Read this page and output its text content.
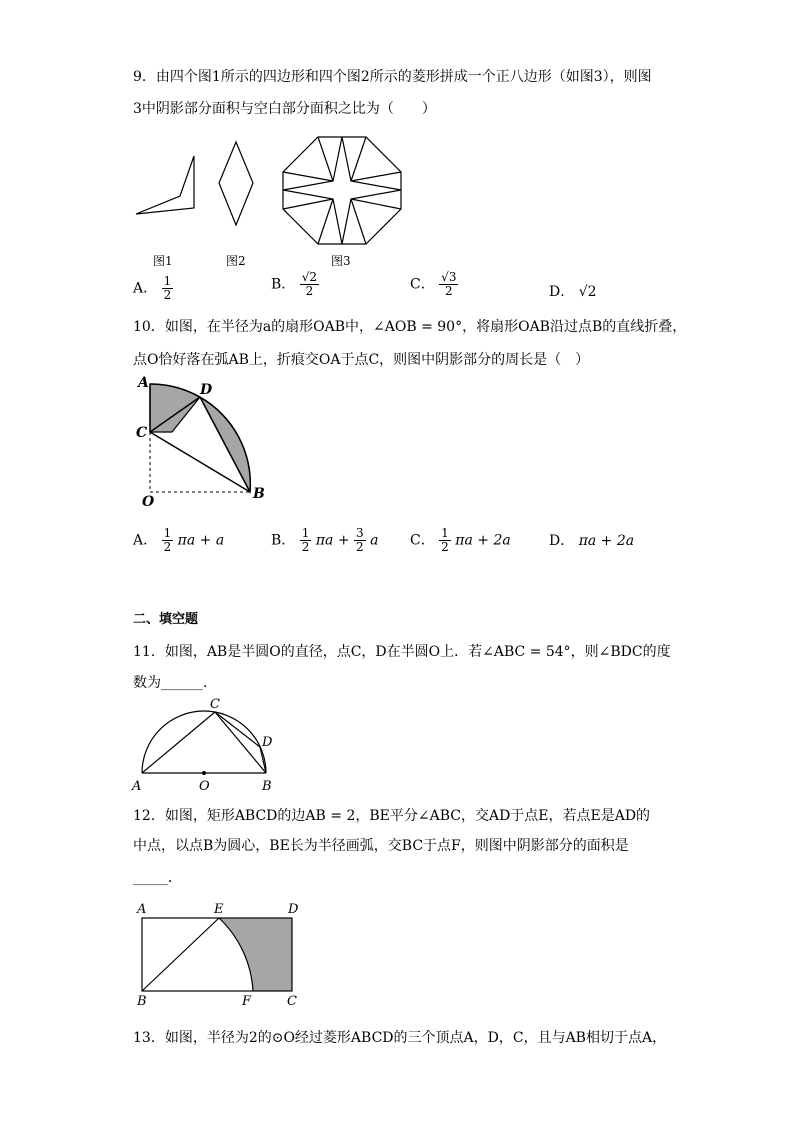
9．由四个图1所示的四边形和四个图2所示的菱形拼成一个正八边形（如图3），则图
3中阴影部分面积与空白部分面积之比为（　　）
图1	图2	图3
A． $\frac{1}{2}$	B． $\frac{√2}{2}$	C． $\frac{√3}{2}$	D． √2
10．如图，在半径为a的扇形OAB中，∠AOB = 90°，将扇形OAB沿过点B的直线折叠，
点O恰好落在弧AB上，折痕交OA于点C，则图中阴影部分的周长是（　）
A	D
C
O	B
A． $\frac{1}{2}$ πa + a	B． $\frac{1}{2}$ $\pi a + \frac{3}{2}$ a C． $\frac{1}{2}$ πa + 2a	D． πa + 2a
二、填空题
11．如图，AB是半圆O的直径，点C，D在半圆O上．若∠ABC = 54°，则∠BDC的度
数为______．
C
D
A	O	B
12．如图，矩形ABCD的边AB = 2，BE平分∠ABC，交AD于点E，若点E是AD的
中点，以点B为圆心，BE长为半径画弧，交BC于点F，则图中阴影部分的面积是
_____．
A	E	D
B	F	C
13．如图，半径为2的⊙O经过菱形ABCD的三个顶点A，D，C，且与AB相切于点A，
